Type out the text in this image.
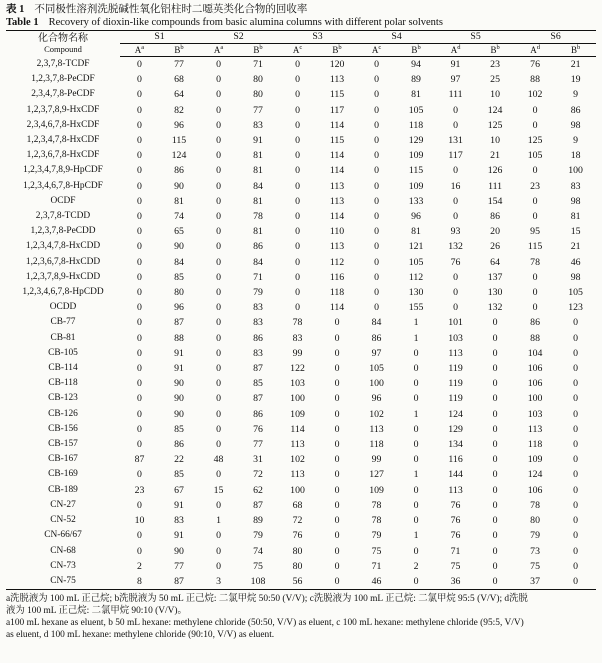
表 1 不同极性溶剂洗脱碱性氧化铝柱时二噁英类化合物的回收率
Table 1 Recovery of dioxin-like compounds from basic alumina columns with different polar solvents
化合物名称
Compound	S1		S2		S3		S4		S5		S6	
	$A^a$	$B^b$	$A^a$	$B^b$	$A^c$	$B^b$	$A^c$	$B^b$	$A^d$	$B^b$	$A^d$	$B^b$
2,3,7,8-TCDF	0	77	0	71	0	120	0	94	91	23	76	21
1,2,3,7,8-PeCDF	0	68	0	80	0	113	0	89	97	25	88	19
2,3,4,7,8-PeCDF	0	64	0	80	0	115	0	81	111	10	102	9
1,2,3,7,8,9-HxCDF	0	82	0	77	0	117	0	105	0	124	0	86
2,3,4,6,7,8-HxCDF	0	96	0	83	0	114	0	118	0	125	0	98
1,2,3,4,7,8-HxCDF	0	115	0	91	0	115	0	129	131	10	125	9
1,2,3,6,7,8-HxCDF	0	124	0	81	0	114	0	109	117	21	105	18
1,2,3,4,7,8,9-HpCDF	0	86	0	81	0	114	0	115	0	126	0	100
1,2,3,4,6,7,8-HpCDF	0	90	0	84	0	113	0	109	16	111	23	83
OCDF	0	81	0	81	0	113	0	133	0	154	0	98
2,3,7,8-TCDD	0	74	0	78	0	114	0	96	0	86	0	81
1,2,3,7,8-PeCDD	0	65	0	81	0	110	0	81	93	20	95	15
1,2,3,4,7,8-HxCDD	0	90	0	86	0	113	0	121	132	26	115	21
1,2,3,6,7,8-HxCDD	0	84	0	84	0	112	0	105	76	64	78	46
1,2,3,7,8,9-HxCDD	0	85	0	71	0	116	0	112	0	137	0	98
1,2,3,4,6,7,8-HpCDD	0	80	0	79	0	118	0	130	0	130	0	105
OCDD	0	96	0	83	0	114	0	155	0	132	0	123
CB-77	0	87	0	83	78	0	84	1	101	0	86	0
CB-81	0	88	0	86	83	0	86	1	103	0	88	0
CB-105	0	91	0	83	99	0	97	0	113	0	104	0
CB-114	0	91	0	87	122	0	105	0	119	0	106	0
CB-118	0	90	0	85	103	0	100	0	119	0	106	0
CB-123	0	90	0	87	100	0	96	0	119	0	100	0
CB-126	0	90	0	86	109	0	102	1	124	0	103	0
CB-156	0	85	0	76	114	0	113	0	129	0	113	0
CB-157	0	86	0	77	113	0	118	0	134	0	118	0
CB-167	87	22	48	31	102	0	99	0	116	0	109	0
CB-169	0	85	0	72	113	0	127	1	144	0	124	0
CB-189	23	67	15	62	100	0	109	0	113	0	106	0
CN-27	0	91	0	87	68	0	78	0	76	0	78	0
CN-52	10	83	1	89	72	0	78	0	76	0	80	0
CN-66/67	0	91	0	79	76	0	79	1	76	0	79	0
CN-68	0	90	0	74	80	0	75	0	71	0	73	0
CN-73	2	77	0	75	80	0	71	2	75	0	75	0
CN-75	8	87	3	108	56	0	46	0	36	0	37	0

a洗脱液为 100 mL 正己烷; b洗脱液为 50 mL 正己烷: 二氯甲烷 50:50 (V/V); c洗脱液为 100 mL 正己烷: 二氯甲烷 95:5 (V/V); d洗脱

液为 100 mL 正己烷: 二氯甲烷 90:10 (V/V)。

a100 mL hexane as eluent, b 50 mL hexane: methylene chloride (50:50, V/V) as eluent, c 100 mL hexane: methylene chloride (95:5, V/V)

as eluent, d 100 mL hexane: methylene chloride (90:10, V/V) as eluent.
